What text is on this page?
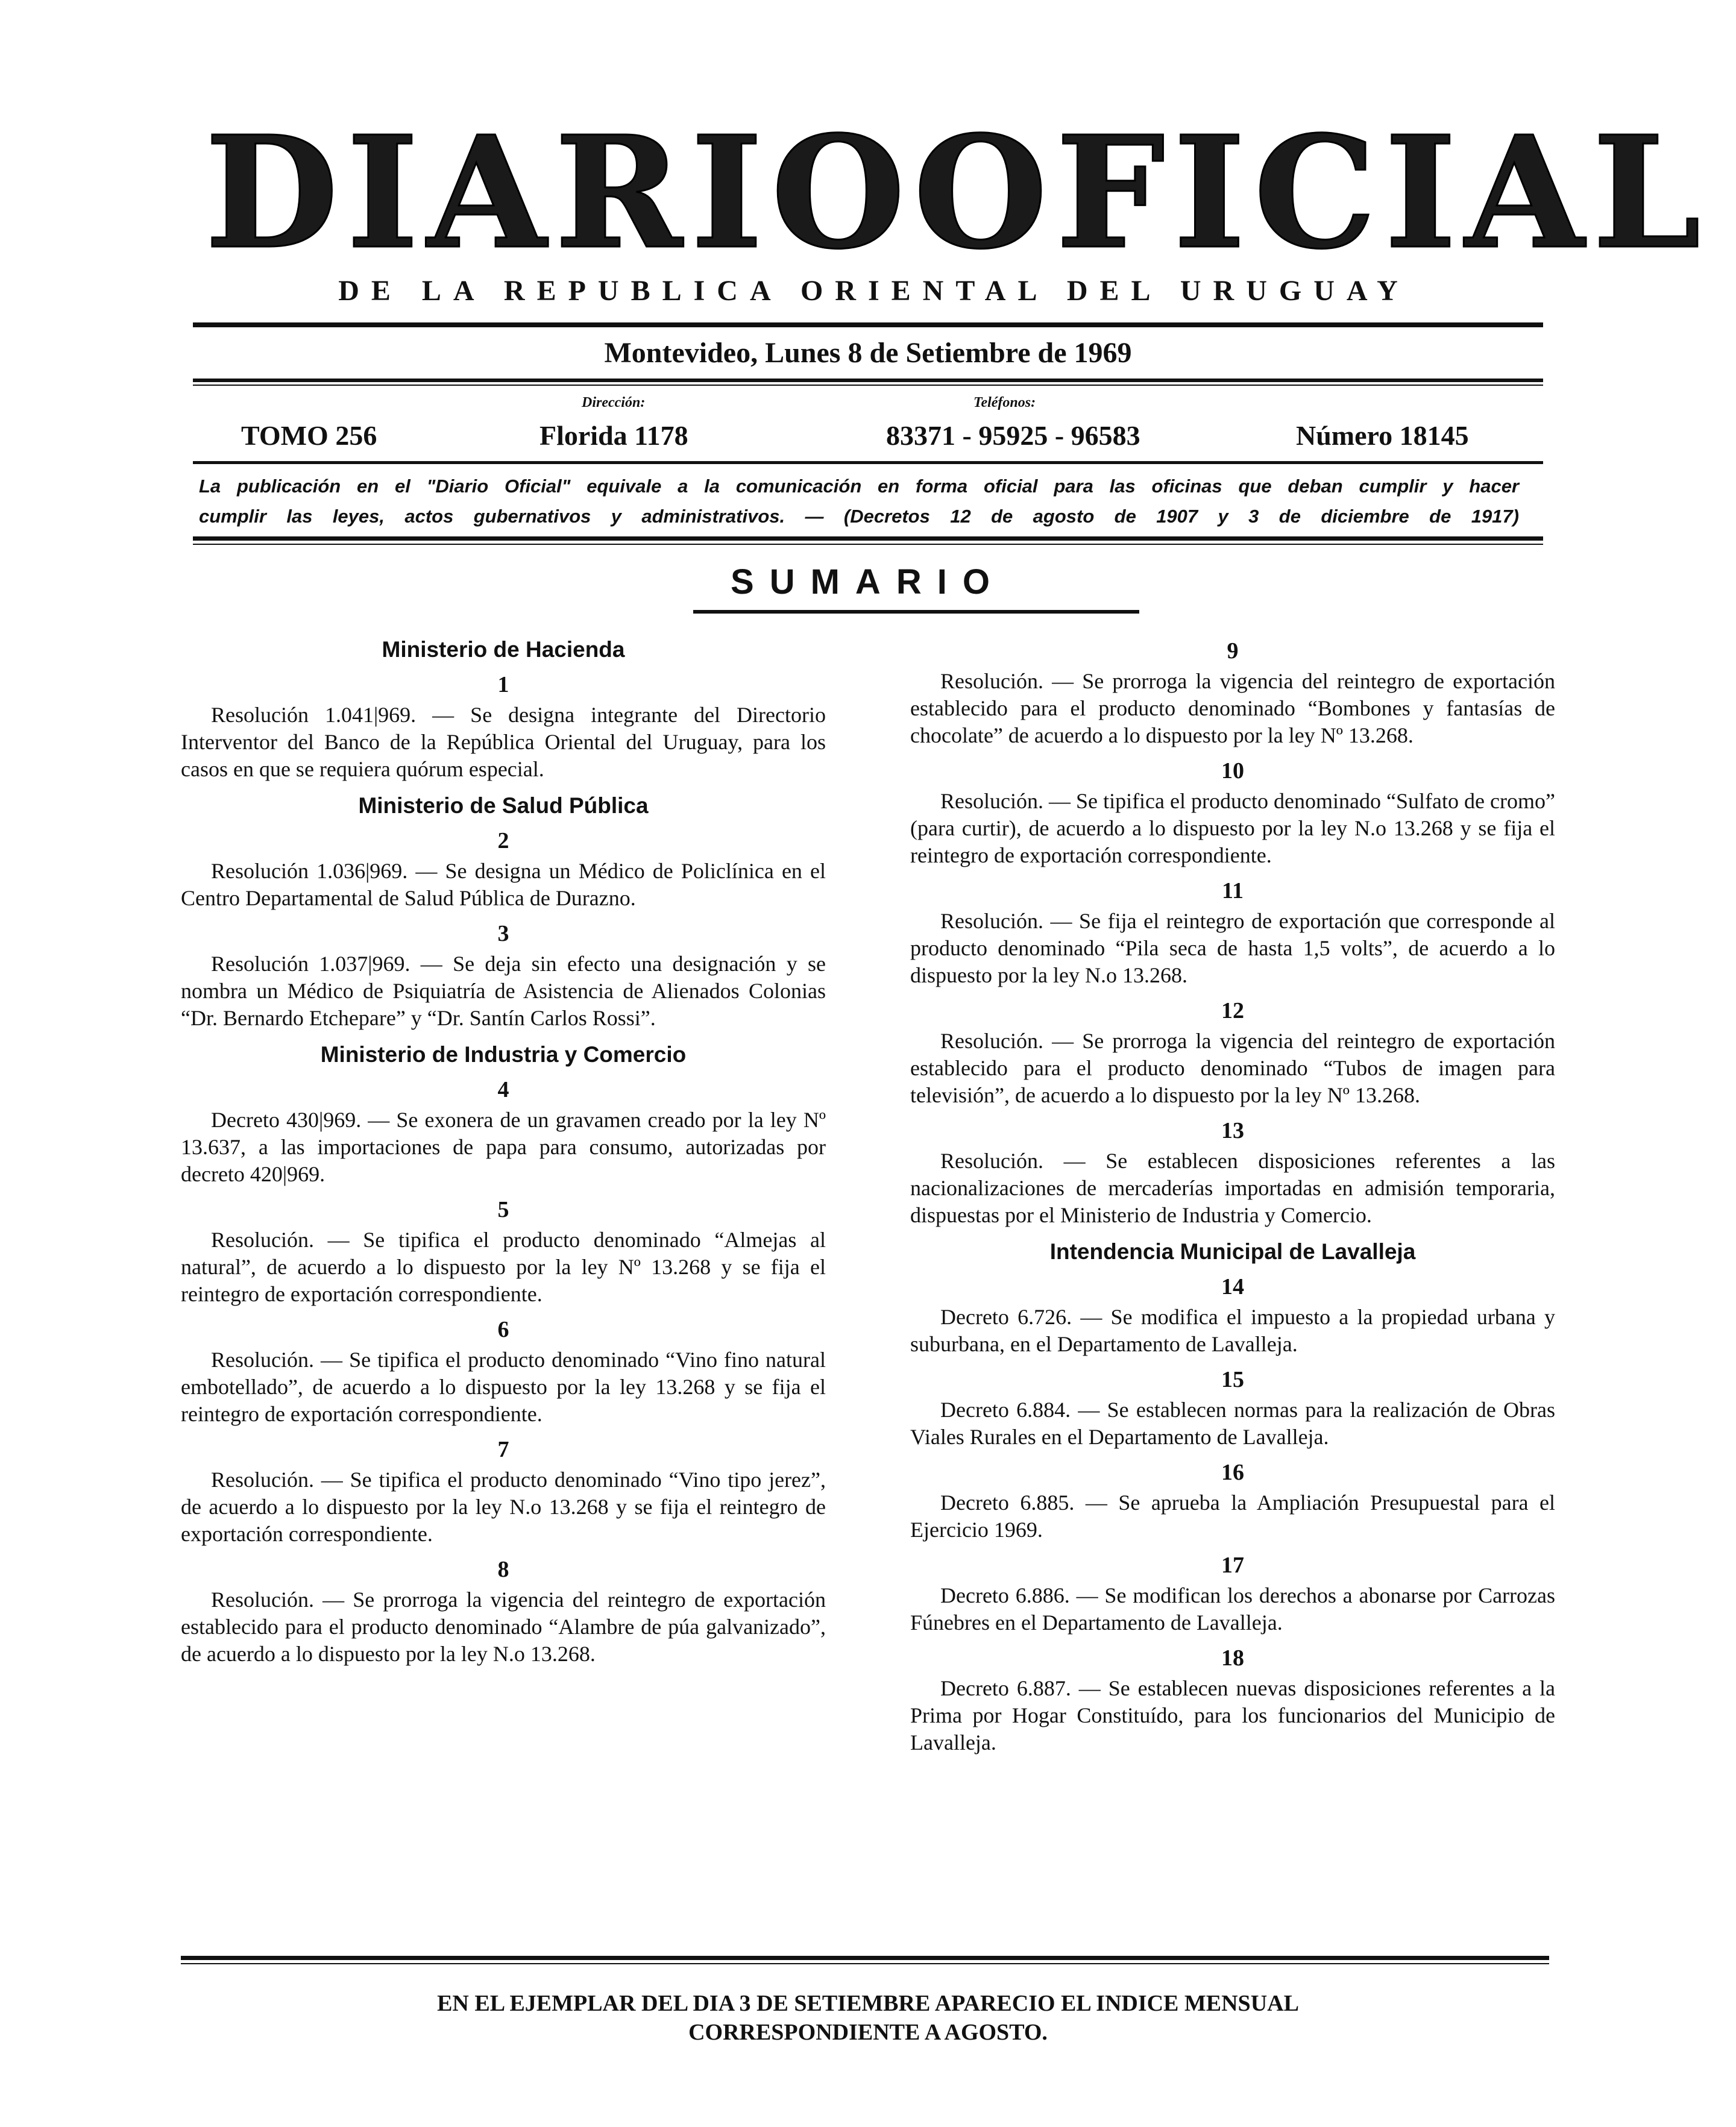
DIARIO OFICIAL
DE LA REPUBLICA ORIENTAL DEL URUGUAY
Montevideo, Lunes 8 de Setiembre de 1969
Dirección:	Teléfonos:
TOMO 256	Florida 1178	83371 - 95925 - 96583	Número 18145
La publicación en el "Diario Oficial" equivale a la comunicación en forma oficial para las oficinas que deban cumplir y hacer
cumplir las leyes, actos gubernativos y administrativos. — (Decretos 12 de agosto de 1907 y 3 de diciembre de 1917)
SUMARIO
Ministerio de Hacienda
1
Resolución 1.041|969. — Se designa integrante del Directorio Interventor del Banco de la República Oriental del Uruguay, para los casos en que se requiera quórum especial.
Ministerio de Salud Pública
2
Resolución 1.036|969. — Se designa un Médico de Policlínica en el Centro Departamental de Salud Pública de Durazno.
3
Resolución 1.037|969. — Se deja sin efecto una designación y se nombra un Médico de Psiquiatría de Asistencia de Alienados Colonias “Dr. Bernardo Etchepare” y “Dr. Santín Carlos Rossi”.
Ministerio de Industria y Comercio
4
Decreto 430|969. — Se exonera de un gravamen creado por la ley Nº 13.637, a las importaciones de papa para consumo, autorizadas por decreto 420|969.
5
Resolución. — Se tipifica el producto denominado “Almejas al natural”, de acuerdo a lo dispuesto por la ley Nº 13.268 y se fija el reintegro de exportación correspondiente.
6
Resolución. — Se tipifica el producto denominado “Vino fino natural embotellado”, de acuerdo a lo dispuesto por la ley 13.268 y se fija el reintegro de exportación correspondiente.
7
Resolución. — Se tipifica el producto denominado “Vino tipo jerez”, de acuerdo a lo dispuesto por la ley N.o 13.268 y se fija el reintegro de exportación correspondiente.
8
Resolución. — Se prorroga la vigencia del reintegro de exportación establecido para el producto denominado “Alambre de púa galvanizado”, de acuerdo a lo dispuesto por la ley N.o 13.268.
9
Resolución. — Se prorroga la vigencia del reintegro de exportación establecido para el producto denominado “Bombones y fantasías de chocolate” de acuerdo a lo dispuesto por la ley Nº 13.268.
10
Resolución. — Se tipifica el producto denominado “Sulfato de cromo” (para curtir), de acuerdo a lo dispuesto por la ley N.o 13.268 y se fija el reintegro de exportación correspondiente.
11
Resolución. — Se fija el reintegro de exportación que corresponde al producto denominado “Pila seca de hasta 1,5 volts”, de acuerdo a lo dispuesto por la ley N.o 13.268.
12
Resolución. — Se prorroga la vigencia del reintegro de exportación establecido para el producto denominado “Tubos de imagen para televisión”, de acuerdo a lo dispuesto por la ley Nº 13.268.
13
Resolución. — Se establecen disposiciones referentes a las nacionalizaciones de mercaderías importadas en admisión temporaria, dispuestas por el Ministerio de Industria y Comercio.
Intendencia Municipal de Lavalleja
14
Decreto 6.726. — Se modifica el impuesto a la propiedad urbana y suburbana, en el Departamento de Lavalleja.
15
Decreto 6.884. — Se establecen normas para la realización de Obras Viales Rurales en el Departamento de Lavalleja.
16
Decreto 6.885. — Se aprueba la Ampliación Presupuestal para el Ejercicio 1969.
17
Decreto 6.886. — Se modifican los derechos a abonarse por Carrozas Fúnebres en el Departamento de Lavalleja.
18
Decreto 6.887. — Se establecen nuevas disposiciones referentes a la Prima por Hogar Constituído, para los funcionarios del Municipio de Lavalleja.
EN EL EJEMPLAR DEL DIA 3 DE SETIEMBRE APARECIO EL INDICE MENSUAL
CORRESPONDIENTE A AGOSTO.
